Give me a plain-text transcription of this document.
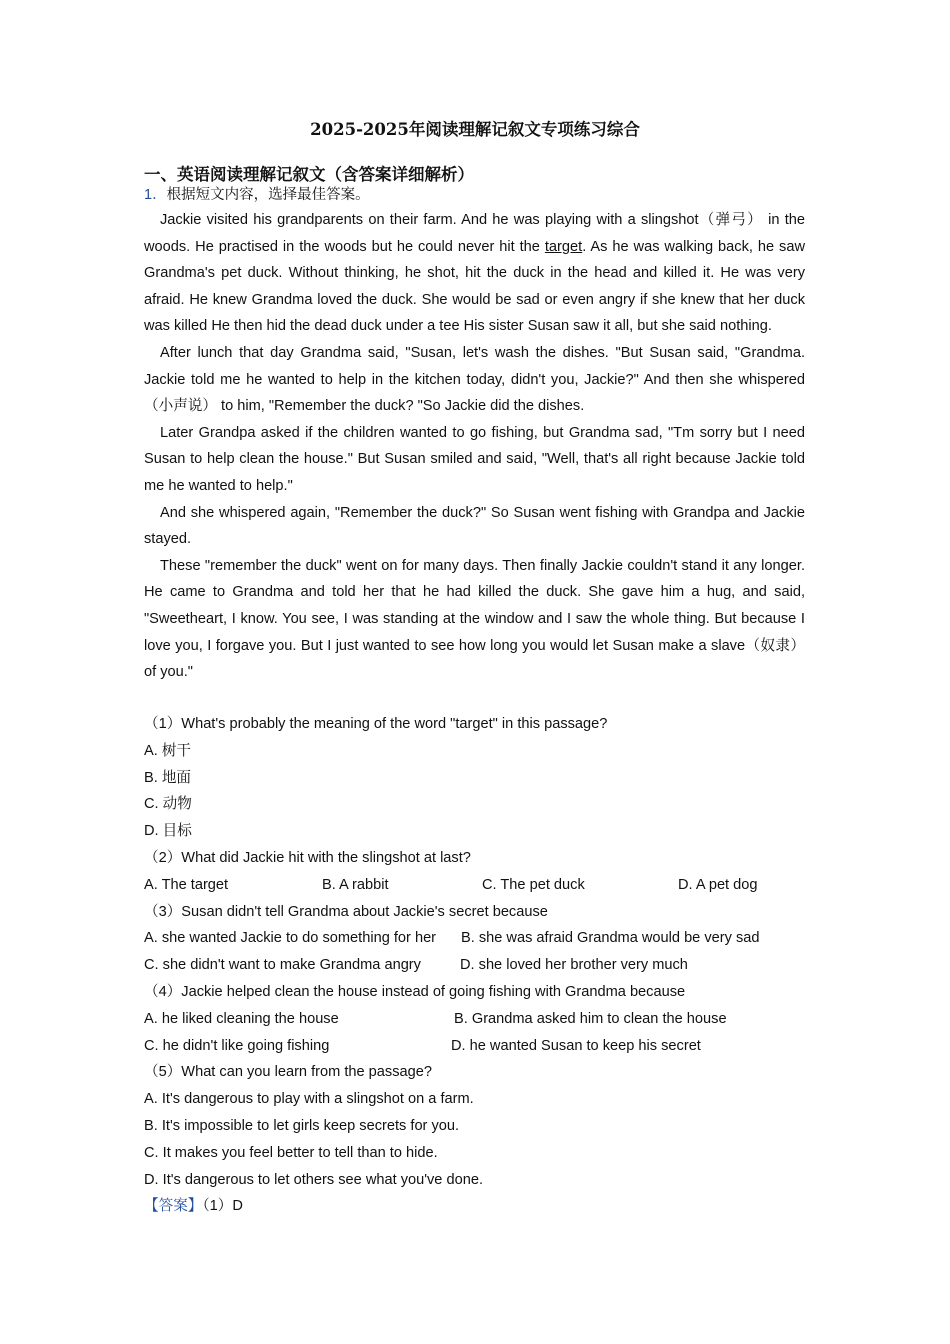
2025-2025年阅读理解记叙文专项练习综合
一、英语阅读理解记叙文（含答案详细解析）
1．根据短文内容，选择最佳答案。

Jackie visited his grandparents on their farm. And he was playing with a slingshot（弹弓） in the woods. He practised in the woods but he could never hit the target. As he was walking back, he saw Grandma's pet duck. Without thinking, he shot, hit the duck in the head and killed it. He was very afraid. He knew Grandma loved the duck. She would be sad or even angry if she knew that her duck was killed He then hid the dead duck under a tee His sister Susan saw it all, but she said nothing.

After lunch that day Grandma said, "Susan, let's wash the dishes. "But Susan said, "Grandma. Jackie told me he wanted to help in the kitchen today, didn't you, Jackie?" And then she whispered（小声说） to him, "Remember the duck? "So Jackie did the dishes.

Later Grandpa asked if the children wanted to go fishing, but Grandma sad, "Tm sorry but I need Susan to help clean the house." But Susan smiled and said, "Well, that's all right because Jackie told me he wanted to help."

And she whispered again, "Remember the duck?" So Susan went fishing with Grandpa and Jackie stayed.

These "remember the duck" went on for many days. Then finally Jackie couldn't stand it any longer. He came to Grandma and told her that he had killed the duck. She gave him a hug, and said, "Sweetheart, I know. You see, I was standing at the window and I saw the whole thing. But because I love you, I forgave you. But I just wanted to see how long you would let Susan make a slave（奴隶） of you."

（1）What's probably the meaning of the word "target" in this passage?
A. 树干
B. 地面
C. 动物
D. 目标
（2）What did Jackie hit with the slingshot at last?
A. The target	B. A rabbit	C. The pet duck	D. A pet dog
（3）Susan didn't tell Grandma about Jackie's secret because
A. she wanted Jackie to do something for her B. she was afraid Grandma would be very sad
C. she didn't want to make Grandma angry	D. she loved her brother very much
（4）Jackie helped clean the house instead of going fishing with Grandma because
A. he liked cleaning the house	B. Grandma asked him to clean the house
C. he didn't like going fishing	D. he wanted Susan to keep his secret
（5）What can you learn from the passage?
A. It's dangerous to play with a slingshot on a farm.
B. It's impossible to let girls keep secrets for you.
C. It makes you feel better to tell than to hide.
D. It's dangerous to let others see what you've done.
【答案】（1）D
